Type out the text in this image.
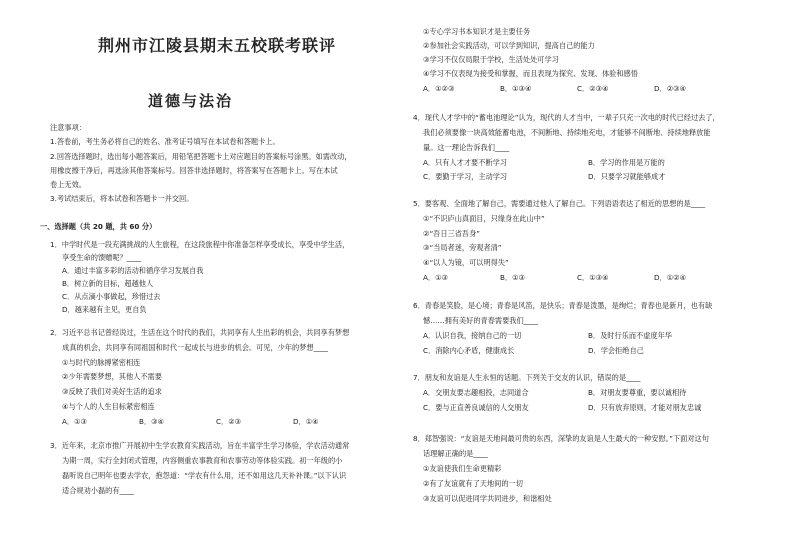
荆州市江陵县期末五校联考联评
道德与法治
注意事项：
1.答卷前，考生务必将自己的姓名、准考证号填写在本试卷和答题卡上。
2.回答选择题时，选出每小题答案后，用铅笔把答题卡上对应题目的答案标号涂黑。如需改动，
用橡皮擦干净后，再选涂其他答案标号。回答非选择题时，将答案写在答题卡上。写在本试
卷上无效。
3.考试结束后，将本试卷和答题卡一并交回。
一、选择题（共 20 题，共 60 分）
1．中学时代是一段充满挑战的人生旅程，在这段旅程中你准备怎样享受成长，享受中学生活，
享受生命的馈赠呢？____
A．通过丰富多彩的活动和循序学习发展自我
B．树立新的目标，超越他人
C．从点滴小事做起，珍惜过去
D．越来越有主见，更自负
2．习近平总书记曾经说过，生活在这个时代的我们，共同享有人生出彩的机会，共同享有梦想
成真的机会，共同享有同祖国和时代一起成长与进步的机会。可见，少年的梦想____
①与时代的脉搏紧密相连
②少年需要梦想，其他人不需要
③反映了我们对美好生活的追求
④与个人的人生目标紧密相连
A．①③	B．③④	C．②③	D．①④
3．近年来，北京市推广开展初中生学农教育实践活动，旨在丰富学生学习体验，学农活动通常
为期一周，实行全封闭式管理，内容侧重农事教育和农事劳动等体验实践。初一年级的小
磊听说自己明年也要去学农，抱怨道：“学农有什么用，还不如用这几天补补课。”以下认识
适合规劝小磊的有____
①专心学习书本知识才是主要任务
②参加社会实践活动，可以学到知识，提高自己的能力
③学习不仅仅局限于学校，生活处处可学习
④学习不仅表现为接受和掌握，而且表现为探究、发现、体验和感悟
A．①②③	B．①③④	C．②③④	D．②③④
4．现代人才学中的“蓄电池理论”认为，现代的人才当中，一辈子只充一次电的时代已经过去了，
我们必须要像一块高效能蓄电池，不间断地、持续地充电，才能够不间断地、持续地释放能
量。这一理论告诉我们____
A．只有人才才要不断学习	B．学习的作用是万能的
C．要勤于学习，主动学习	D．只要学习就能够成才
5．要客观、全面地了解自己，需要通过他人了解自己。下列语语表达了相近的思想的是____
①“不识庐山真面目，只缘身在此山中”
②“吾日三省吾身”
③“当局者迷，旁观者清”
④“以人为镜，可以明得失”
A．①③	B．①③	C．①③④	D．①②④
6．青春是笑脸，是心境；青春是风笛，是快乐；青春是泼墨，是绚烂；青春也是新月，也有缺
憾……拥有美好的青春需要我们____
A．认识自我，接纳自己的一切	B．及时行乐而不虚度年华
C．消除内心矛盾，健康成长	D．学会拒绝自己
7．朋友和友谊是人生永恒的话题。下列关于交友的认识，错误的是____
A．交朋友要志趣相投，志同道合	B．对朋友要尊重，要以诚相待
C．要与正直善良诚信的人交朋友	D．只有放弃原则，才能对朋友忠诚
8．郑智强说：“友谊是天地间最可贵的东西，深挚的友谊是人生最大的一种安慰。”下面对这句
话理解正确的是____
①友谊使我们生命更精彩
②有了友谊就有了天地间的一切
③友谊可以促进同学共同进步，和谐相处
